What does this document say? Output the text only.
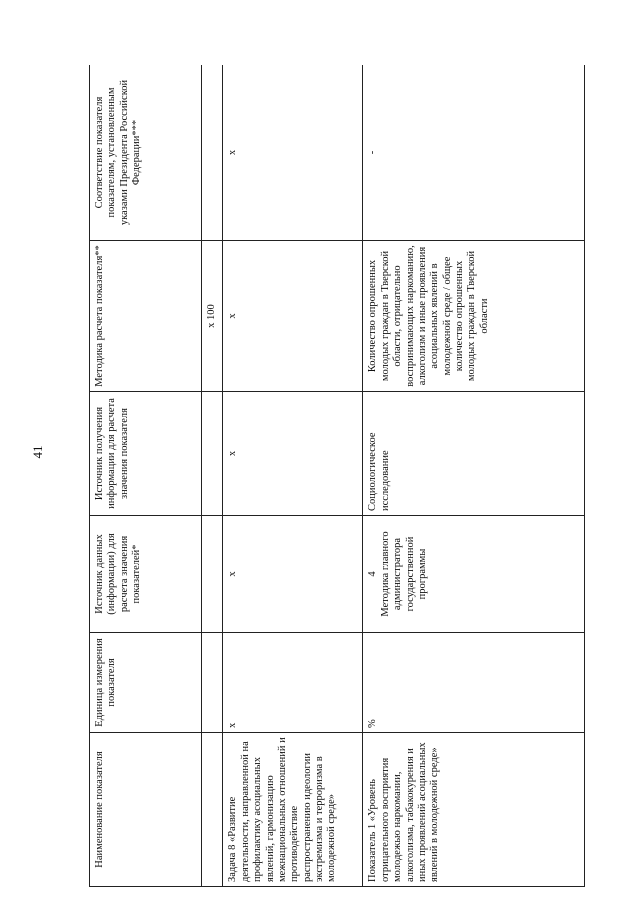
41
Наименование показателя	Единица измерения показателя	Источник данных (информации) для расчета значения показателей*	Источник получения информации для расчета значения показателя	Методика расчета показателя**	Соответствие показателя показателям, установленным указами Президента Российской Федерации***
				х 100	
Задача 8 «Развитие деятельности, направленной на профилактику асоциальных явлений, гармонизацию межнациональных отношений и противодействие распространению идеологии экстремизма и терроризма в молодежной среде»	х	х	х	х	х

Показатель 1 «Уровень отрицательного восприятия молодежью наркомании, алкоголизма, табакокурения и иных проявлений асоциальных явлений в молодежной среде»	%	4 Методика главного администратора государственной программы	Социологическое исследование	Количество опрошенных молодых граждан в Тверской области, отрицательно воспринимающих наркоманию, алкоголизм и иные проявления асоциальных явлений в молодежной среде / общее количество опрошенных молодых граждан в Тверской области	-
